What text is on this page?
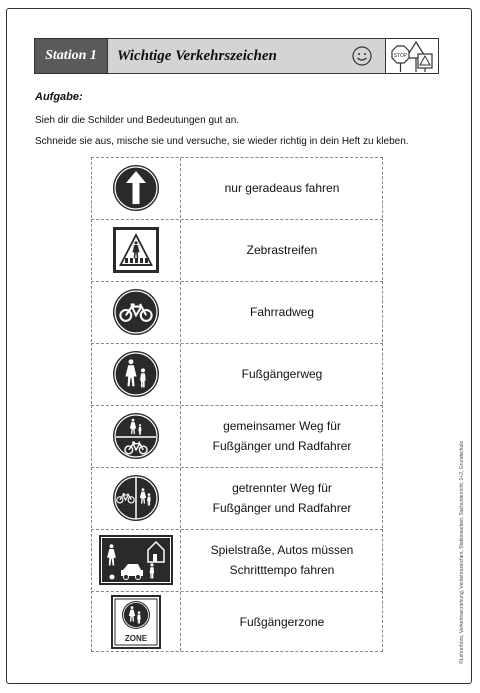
Station 1	Wichtige Verkehrszeichen	STOP
Aufgabe:
Sieh dir die Schilder und Bedeutungen gut an.
Schneide sie aus, mische sie und versuche, sie wieder richtig in dein Heft zu kleben.
nur geradeaus fahren
Zebrastreifen
Fahrradweg
Fußgängerweg
gemeinsamer Weg für
Fußgänger und Radfahrer
getrennter Weg für
Fußgänger und Radfahrer
Spielstraße, Autos müssen
Schritttempo fahren
ZONE
Fußgängerzone	©Lehrerbüro, Verkehrserziehung, Verkehrszeichen, Stationsarbeit, Sachunterricht, 1+2, Grundschule
